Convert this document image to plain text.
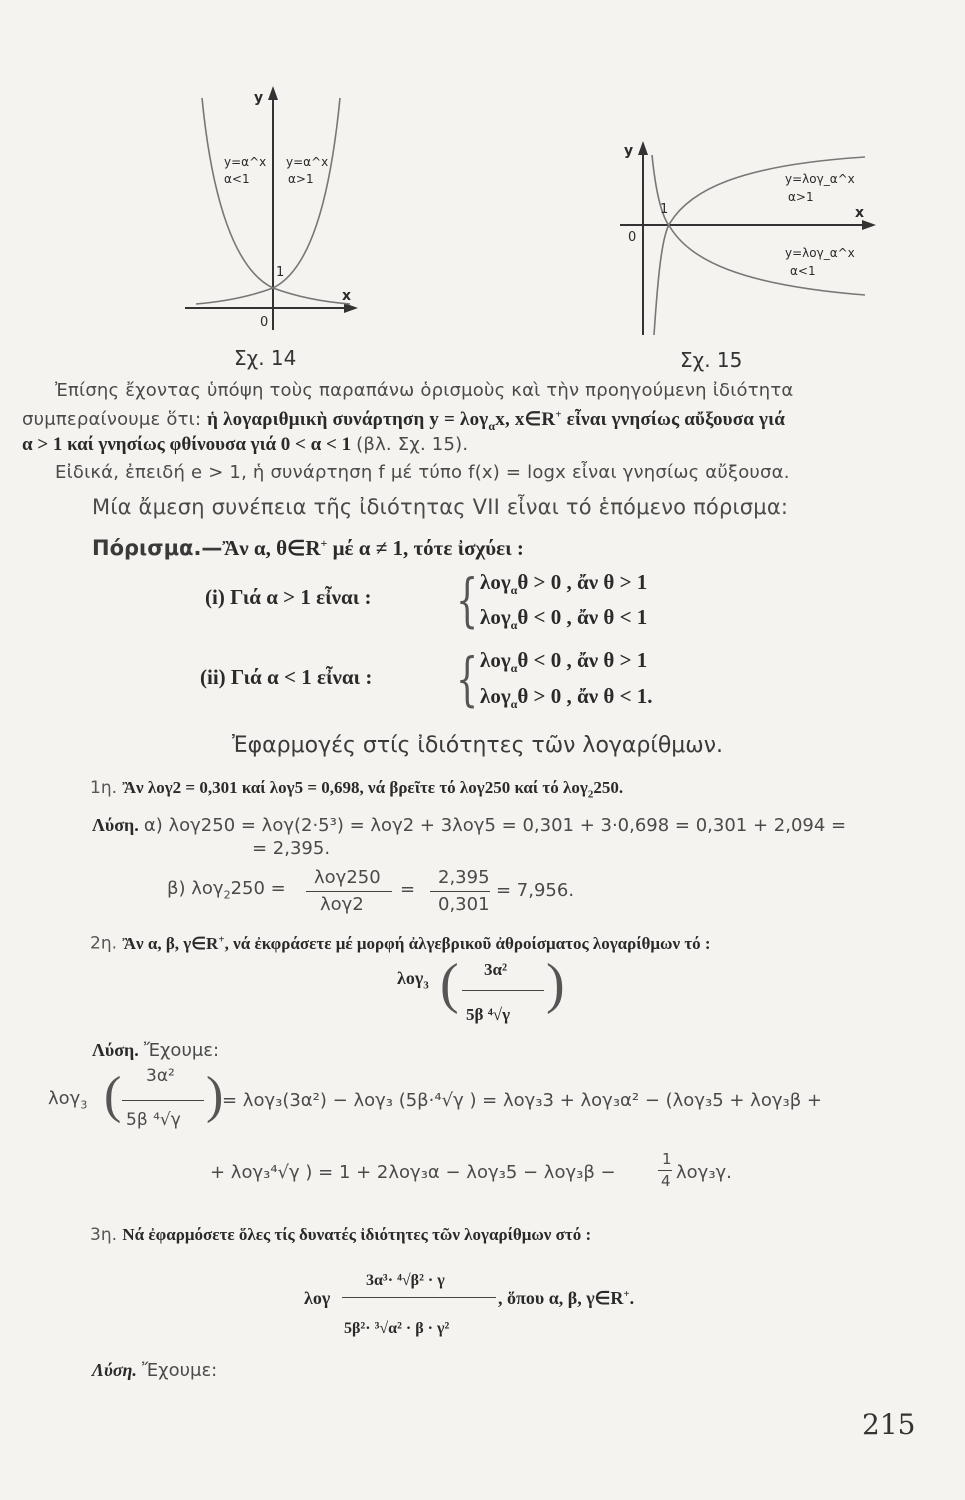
y
y=α^x
α<1
y=α^x
α>1
1
x
0
Σχ. 14
y
y=λογ_α^x
α>1
1	x
0
y=λογ_α^x
α<1
Σχ. 15
Ἐπίσης ἔχοντας ὑπόψη τοὺς παραπάνω ὁρισμοὺς καὶ τὴν προηγούμενη ἰδιότητα
συμπεραίνουμε ὅτι: ἡ λογαριθμικὴ συνάρτηση y = λογ$_\alpha$x, x∈R+ εἶναι γνησίως αὔξουσα γιά
α > 1 καί γνησίως φθίνουσα γιά 0 < α < 1 (βλ. Σχ. 15).
Εἰδικά, ἐπειδή e > 1, ἡ συνάρτηση f μέ τύπο f(x) = logx εἶναι γνησίως αὔξουσα.
Μία ἄμεση συνέπεια τῆς ἰδιότητας VII εἶναι τό ἑπόμενο πόρισμα:
Πόρισμα.—Ἂν α, θ∈R+ μέ α ≠ 1, τότε ἰσχύει :
(i) Γιά α > 1 εἶναι : { λογ$_\alpha$θ > 0 , ἄν θ > 1
λογ$_\alpha$θ < 0 , ἄν θ < 1
(ii) Γιά α < 1 εἶναι : { λογ$_\alpha$θ < 0 , ἄν θ > 1
λογ$_\alpha$θ > 0 , ἄν θ < 1.
Ἐφαρμογές στίς ἰδιότητες τῶν λογαρίθμων.
1η. Ἂν λογ2 = 0,301 καί λογ5 = 0,698, νά βρεῖτε τό λογ250 καί τό λογ$_2$250.
Λύση. α) λογ250 = λογ(2·5³) = λογ2 + 3λογ5 = 0,301 + 3·0,698 = 0,301 + 2,094 =
= 2,395.
β) λογ$_2$250 =
λογ250
λογ2
=
2,395
0,301
= 7,956.
2η. Ἂν α, β, γ∈R+, νά ἐκφράσετε μέ μορφή ἀλγεβρικοῦ ἀθροίσματος λογαρίθμων τό :
λογ$_3$ ( 3α²
5β ⁴√γ )
Λύση. Ἔχουμε:
λογ$_3$ ( 3α²
5β ⁴√γ )
= λογ₃(3α²) − λογ₃ (5β·⁴√γ ) = λογ₃3 + λογ₃α² − (λογ₃5 + λογ₃β +
+ λογ₃⁴√γ ) = 1 + 2λογ₃α − λογ₃5 − λογ₃β −
1
4 λογ₃γ.
3η. Νά ἐφαρμόσετε ὅλες τίς δυνατές ἰδιότητες τῶν λογαρίθμων στό :
λογ
3α³· ⁴√β² · γ
5β²· ³√α² · β · γ²
, ὅπου α, β, γ∈R+.
Λύση. Ἔχουμε:
215
